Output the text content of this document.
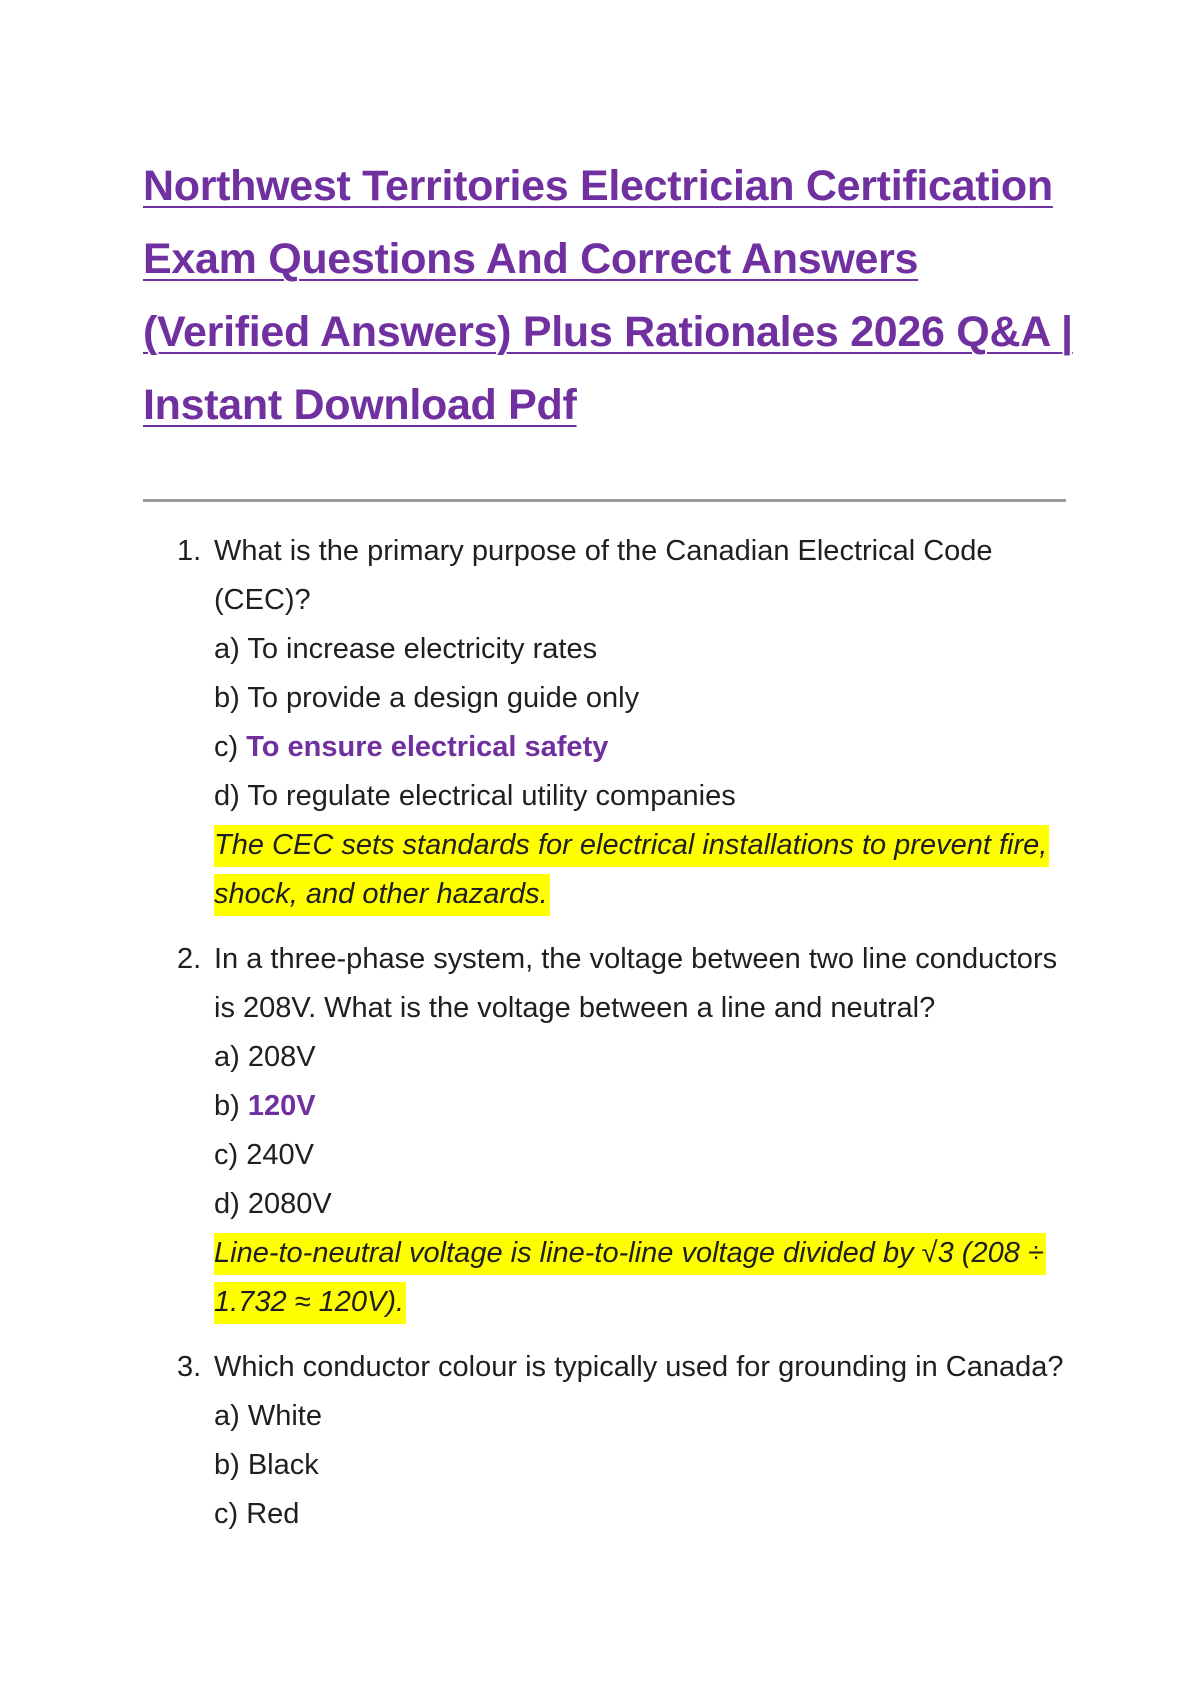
Northwest Territories Electrician Certification Exam Questions And Correct Answers (Verified Answers) Plus Rationales 2026 Q&A | Instant Download Pdf
1. What is the primary purpose of the Canadian Electrical Code (CEC)?
a) To increase electricity rates
b) To provide a design guide only
c) To ensure electrical safety
d) To regulate electrical utility companies
The CEC sets standards for electrical installations to prevent fire, shock, and other hazards.
2. In a three-phase system, the voltage between two line conductors is 208V. What is the voltage between a line and neutral?
a) 208V
b) 120V
c) 240V
d) 2080V
Line-to-neutral voltage is line-to-line voltage divided by √3 (208 ÷ 1.732 ≈ 120V).
3. Which conductor colour is typically used for grounding in Canada?
a) White
b) Black
c) Red
